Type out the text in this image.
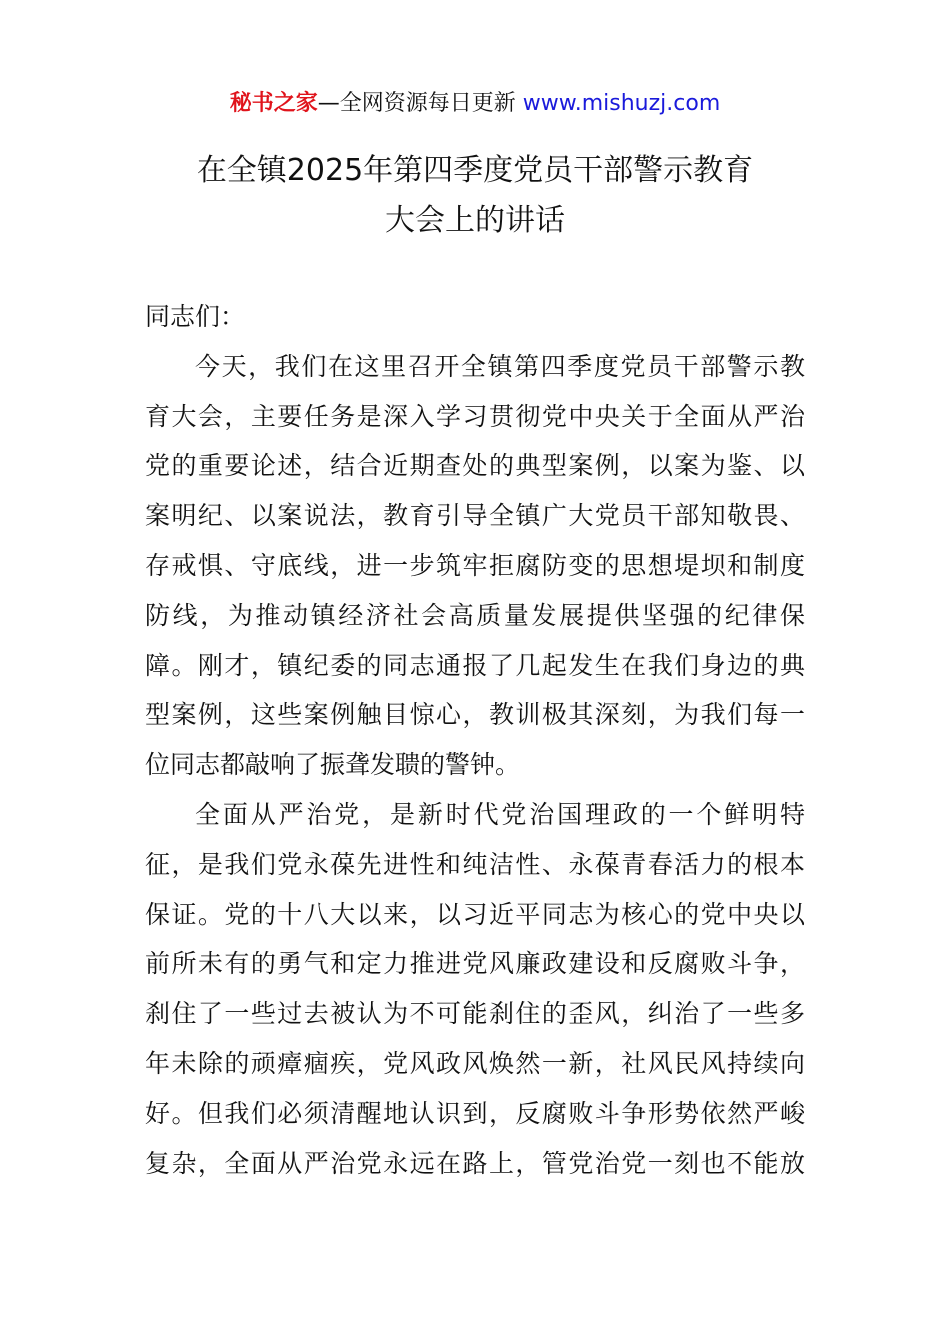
秘书之家—全网资源每日更新 www.mishuzj.com
在全镇2025年第四季度党员干部警示教育
大会上的讲话
同志们：
今天，我们在这里召开全镇第四季度党员干部警示教
育大会，主要任务是深入学习贯彻党中央关于全面从严治
党的重要论述，结合近期查处的典型案例，以案为鉴、以
案明纪、以案说法，教育引导全镇广大党员干部知敬畏、
存戒惧、守底线，进一步筑牢拒腐防变的思想堤坝和制度
防线，为推动镇经济社会高质量发展提供坚强的纪律保
障。刚才，镇纪委的同志通报了几起发生在我们身边的典
型案例，这些案例触目惊心，教训极其深刻，为我们每一
位同志都敲响了振聋发聩的警钟。
全面从严治党，是新时代党治国理政的一个鲜明特
征，是我们党永葆先进性和纯洁性、永葆青春活力的根本
保证。党的十八大以来，以习近平同志为核心的党中央以
前所未有的勇气和定力推进党风廉政建设和反腐败斗争，
刹住了一些过去被认为不可能刹住的歪风，纠治了一些多
年未除的顽瘴痼疾，党风政风焕然一新，社风民风持续向
好。但我们必须清醒地认识到，反腐败斗争形势依然严峻
复杂，全面从严治党永远在路上，管党治党一刻也不能放
